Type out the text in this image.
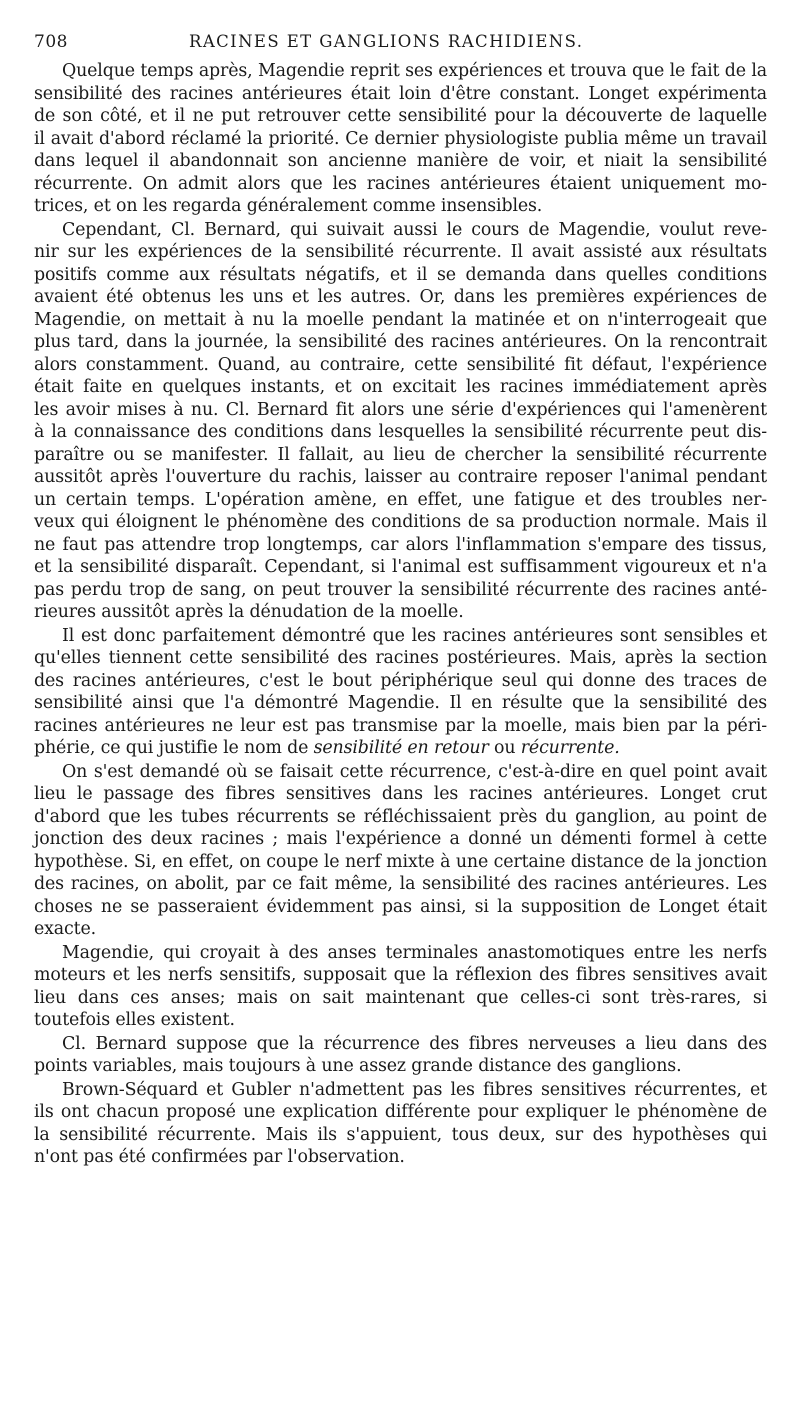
708	RACINES ET GANGLIONS RACHIDIENS.
Quelque temps après, Magendie reprit ses expériences et trouva que le fait de la
sensibilité des racines antérieures était loin d'être constant. Longet expérimenta
de son côté, et il ne put retrouver cette sensibilité pour la découverte de laquelle
il avait d'abord réclamé la priorité. Ce dernier physiologiste publia même un travail
dans lequel il abandonnait son ancienne manière de voir, et niait la sensibilité
récurrente. On admit alors que les racines antérieures étaient uniquement mo-
trices, et on les regarda généralement comme insensibles.
Cependant, Cl. Bernard, qui suivait aussi le cours de Magendie, voulut reve-
nir sur les expériences de la sensibilité récurrente. Il avait assisté aux résultats
positifs comme aux résultats négatifs, et il se demanda dans quelles conditions
avaient été obtenus les uns et les autres. Or, dans les premières expériences de
Magendie, on mettait à nu la moelle pendant la matinée et on n'interrogeait que
plus tard, dans la journée, la sensibilité des racines antérieures. On la rencontrait
alors constamment. Quand, au contraire, cette sensibilité fit défaut, l'expérience
était faite en quelques instants, et on excitait les racines immédiatement après
les avoir mises à nu. Cl. Bernard fit alors une série d'expériences qui l'amenèrent
à la connaissance des conditions dans lesquelles la sensibilité récurrente peut dis-
paraître ou se manifester. Il fallait, au lieu de chercher la sensibilité récurrente
aussitôt après l'ouverture du rachis, laisser au contraire reposer l'animal pendant
un certain temps. L'opération amène, en effet, une fatigue et des troubles ner-
veux qui éloignent le phénomène des conditions de sa production normale. Mais il
ne faut pas attendre trop longtemps, car alors l'inflammation s'empare des tissus,
et la sensibilité disparaît. Cependant, si l'animal est suffisamment vigoureux et n'a
pas perdu trop de sang, on peut trouver la sensibilité récurrente des racines anté-
rieures aussitôt après la dénudation de la moelle.
Il est donc parfaitement démontré que les racines antérieures sont sensibles et
qu'elles tiennent cette sensibilité des racines postérieures. Mais, après la section
des racines antérieures, c'est le bout périphérique seul qui donne des traces de
sensibilité ainsi que l'a démontré Magendie. Il en résulte que la sensibilité des
racines antérieures ne leur est pas transmise par la moelle, mais bien par la péri-
phérie, ce qui justifie le nom de sensibilité en retour ou récurrente.
On s'est demandé où se faisait cette récurrence, c'est-à-dire en quel point avait
lieu le passage des fibres sensitives dans les racines antérieures. Longet crut
d'abord que les tubes récurrents se réfléchissaient près du ganglion, au point de
jonction des deux racines ; mais l'expérience a donné un démenti formel à cette
hypothèse. Si, en effet, on coupe le nerf mixte à une certaine distance de la jonction
des racines, on abolit, par ce fait même, la sensibilité des racines antérieures. Les
choses ne se passeraient évidemment pas ainsi, si la supposition de Longet était
exacte.
Magendie, qui croyait à des anses terminales anastomotiques entre les nerfs
moteurs et les nerfs sensitifs, supposait que la réflexion des fibres sensitives avait
lieu dans ces anses; mais on sait maintenant que celles-ci sont très-rares, si
toutefois elles existent.
Cl. Bernard suppose que la récurrence des fibres nerveuses a lieu dans des
points variables, mais toujours à une assez grande distance des ganglions.
Brown-Séquard et Gubler n'admettent pas les fibres sensitives récurrentes, et
ils ont chacun proposé une explication différente pour expliquer le phénomène de
la sensibilité récurrente. Mais ils s'appuient, tous deux, sur des hypothèses qui
n'ont pas été confirmées par l'observation.
